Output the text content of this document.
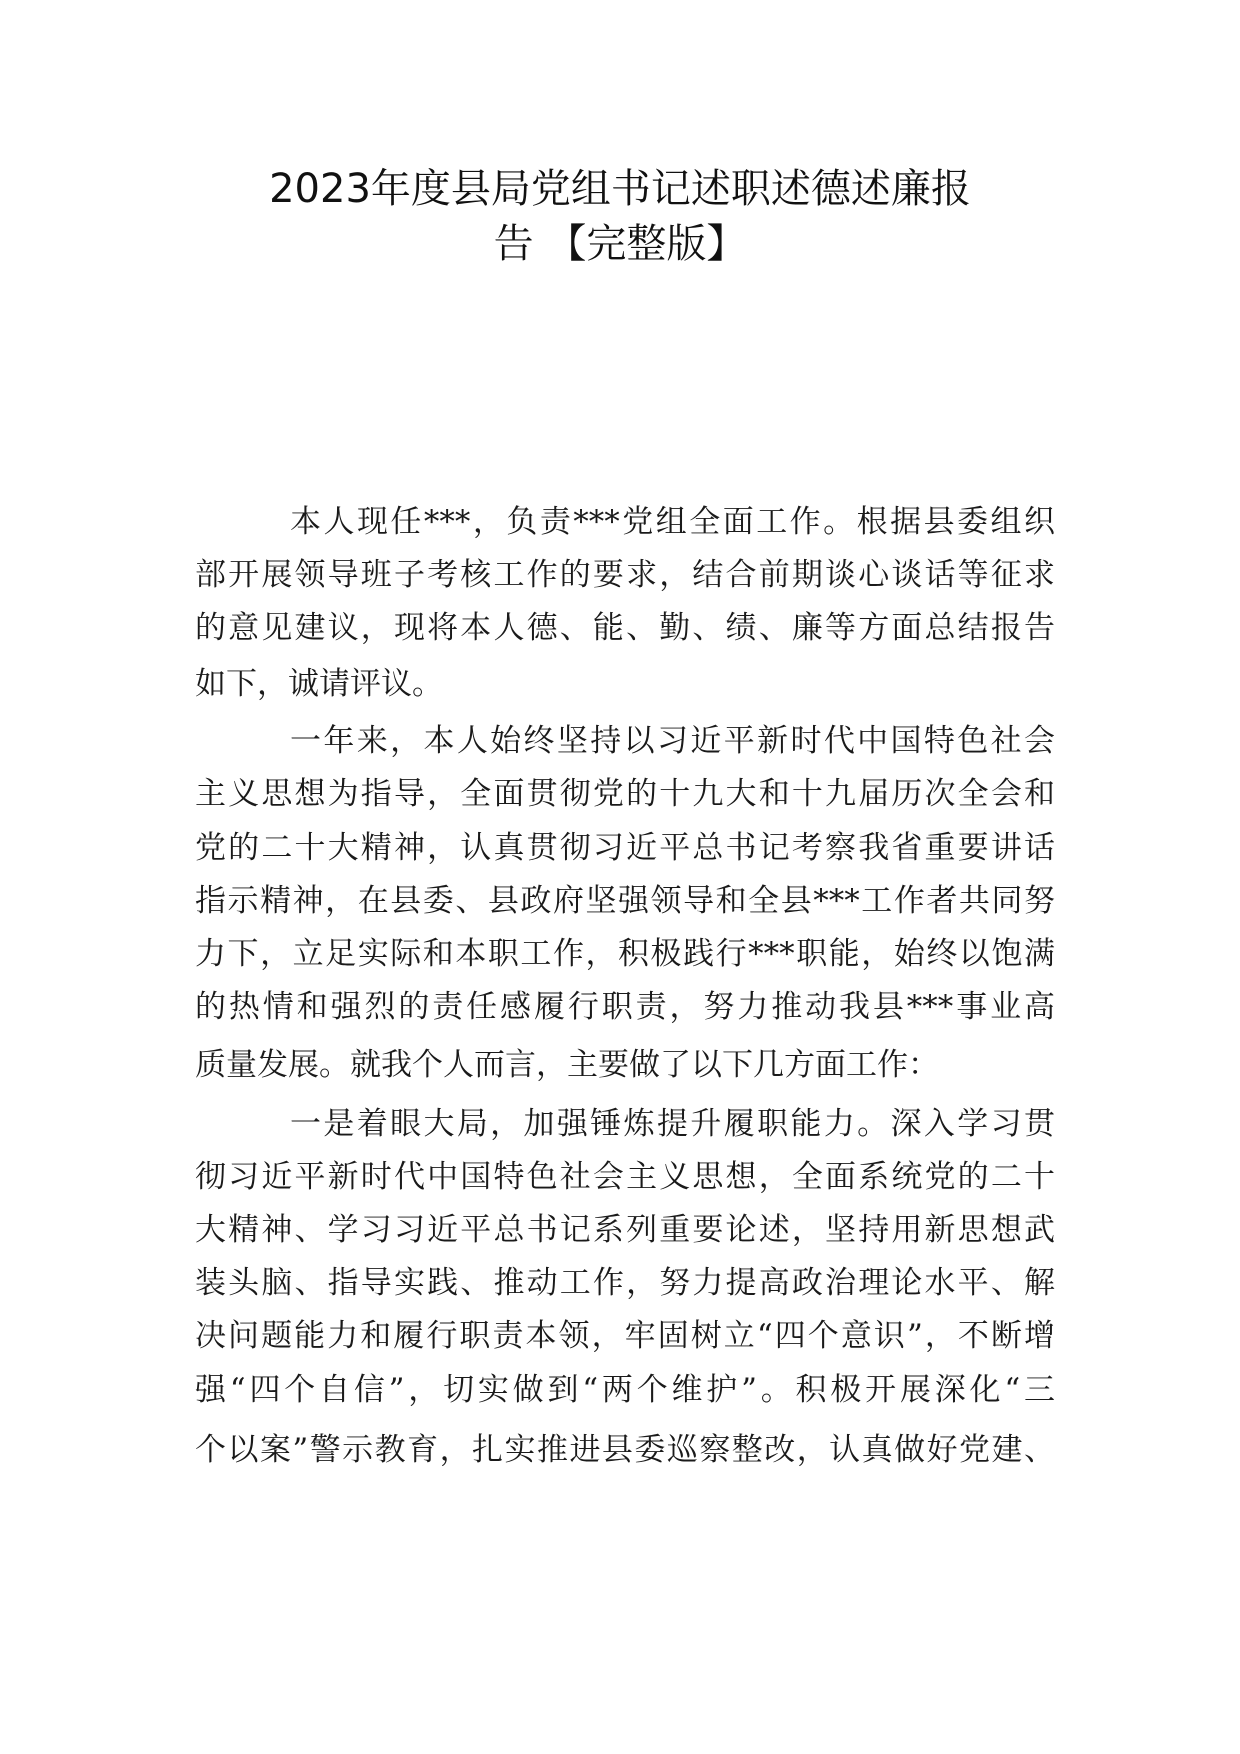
2023年度县局党组书记述职述德述廉报
告 【完整版】
本人现任***，负责***党组全面工作。根据县委组织
部开展领导班子考核工作的要求，结合前期谈心谈话等征求
的意见建议，现将本人德、能、勤、绩、廉等方面总结报告
如下，诚请评议。
一年来，本人始终坚持以习近平新时代中国特色社会
主义思想为指导，全面贯彻党的十九大和十九届历次全会和
党的二十大精神，认真贯彻习近平总书记考察我省重要讲话
指示精神，在县委、县政府坚强领导和全县***工作者共同努
力下，立足实际和本职工作，积极践行***职能，始终以饱满
的热情和强烈的责任感履行职责，努力推动我县***事业高
质量发展。就我个人而言，主要做了以下几方面工作：
一是着眼大局，加强锤炼提升履职能力。深入学习贯
彻习近平新时代中国特色社会主义思想，全面系统党的二十
大精神、学习习近平总书记系列重要论述，坚持用新思想武
装头脑、指导实践、推动工作，努力提高政治理论水平、解
决问题能力和履行职责本领，牢固树立“四个意识”，不断增
强“四个自信”，切实做到“两个维护”。积极开展深化“三
个以案”警示教育，扎实推进县委巡察整改，认真做好党建、
